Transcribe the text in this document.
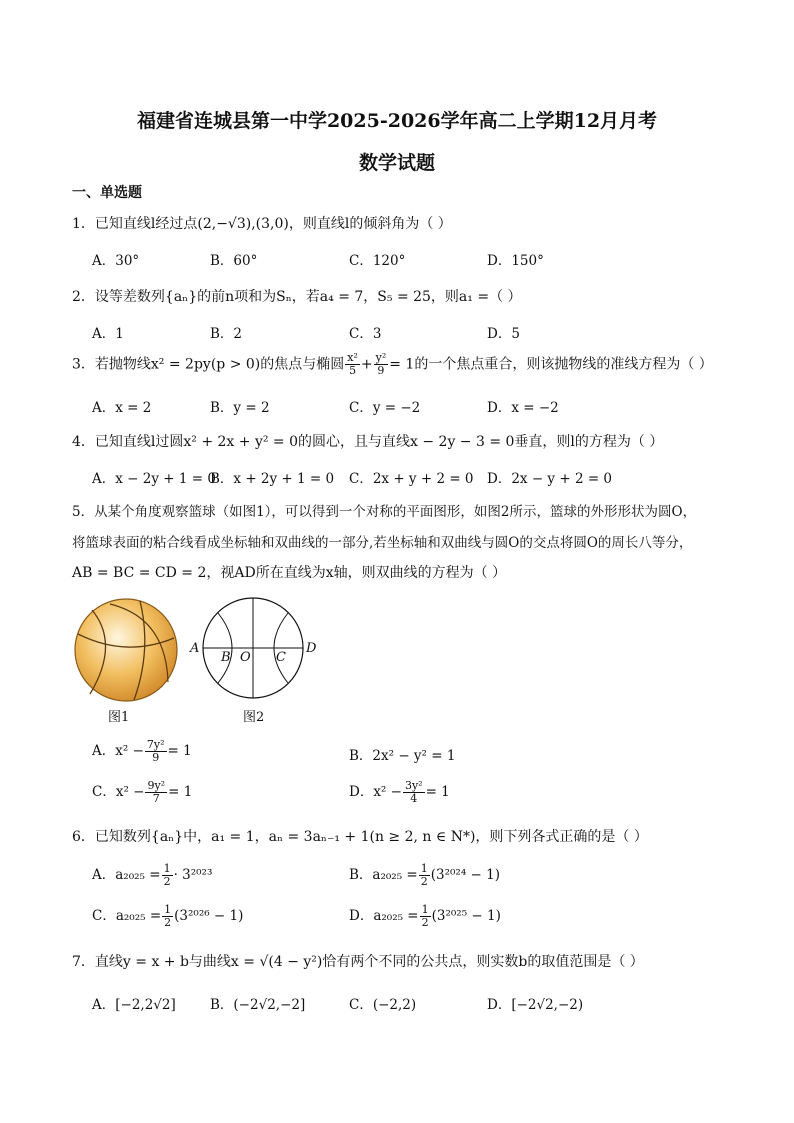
福建省连城县第一中学2025-2026学年高二上学期12月月考
数学试题
一、单选题
1．已知直线l经过点(2,−√3),(3,0)，则直线l的倾斜角为（ ）
A．30°	B．60°	C．120°	D．150°
2．设等差数列{aₙ}的前n项和为Sₙ，若a₄ = 7，S₅ = 25，则a₁ =（ ）
A．1	B．2	C．3	D．5
3．若抛物线x² = 2py(p > 0)的焦点与椭圆 $\frac{\text{x²}}{5} + \frac{\text{y²}}{9} = 1$的一个焦点重合，则该抛物线的准线方程为（ ）
A．x = 2	B．y = 2	C．y = −2	D．x = −2
4．已知直线l过圆x² + 2x + y² = 0的圆心，且与直线x − 2y − 3 = 0垂直，则l的方程为（ ）
A．x − 2y + 1 = 0
B．x + 2y + 1 = 0 C．2x + y + 2 = 0 D．2x − y + 2 = 0
5．从某个角度观察篮球（如图1），可以得到一个对称的平面图形，如图2所示，篮球的外形形状为圆O，
将篮球表面的粘合线看成坐标轴和双曲线的一部分,若坐标轴和双曲线与圆O的交点将圆O的周长八等分，
AB = BC = CD = 2，视AD所在直线为x轴，则双曲线的方程为（ ）
图1
A
B O C
D
图2
A．$x^2 - \frac{\text{7y²}}{9} = 1$	B．2x² − y² = 1
C．$x^2 - \frac{\text{9y²}}{7} = 1$	D．$x^2 - \frac{\text{3y²}}{4} = 1$
6．已知数列{aₙ}中，a₁ = 1，aₙ = 3aₙ₋₁ + 1(n ≥ 2, n ∈ N*)，则下列各式正确的是（ ）
A．$a_{2025} = \frac{1}{2} \cdot 3^{2023}$	B．$a_{2025} = \frac{1}{2} (3^{2024} - 1)$
C．$a_{2025} = \frac{1}{2} (3^{2026} - 1)$	D．$a_{2025} = \frac{1}{2} (3^{2025} - 1)$
7．直线y = x + b与曲线x = √(4 − y²)恰有两个不同的公共点，则实数b的取值范围是（ ）
A．[−2,2√2]	B．(−2√2,−2]	C．(−2,2)	D．[−2√2,−2)
